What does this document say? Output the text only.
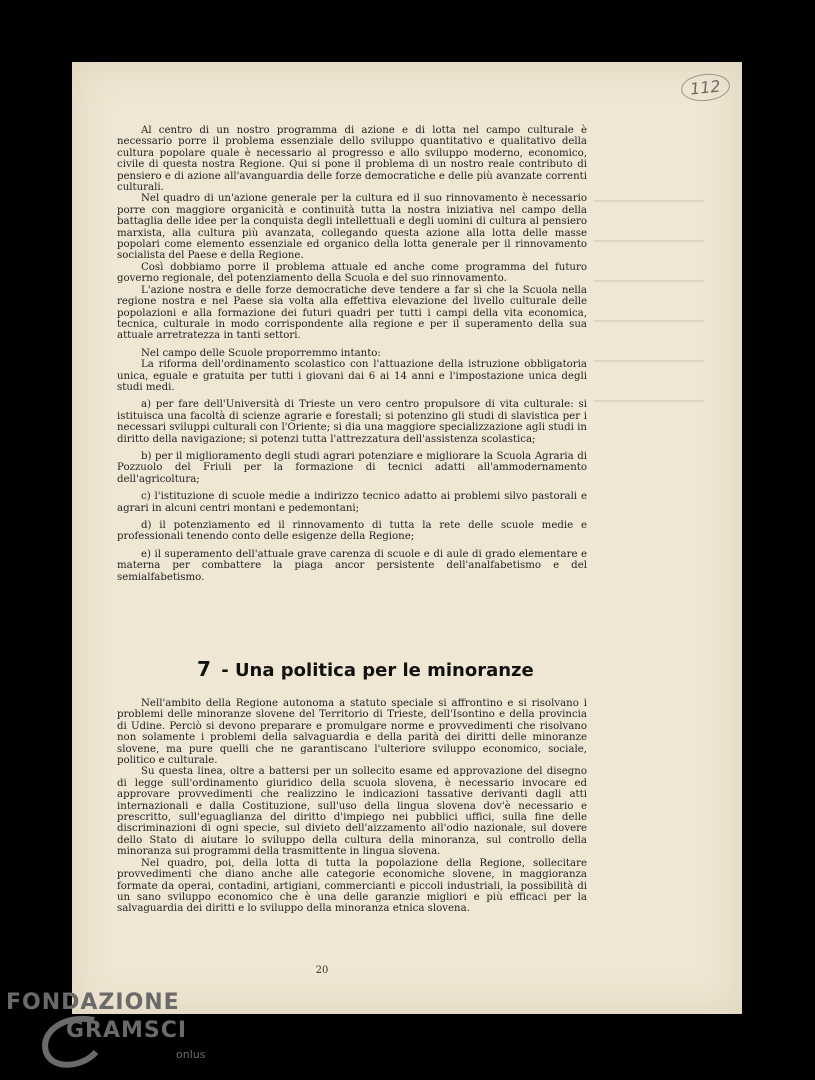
112

Al centro di un nostro programma di azione e di lotta nel campo culturale è necessario porre il problema essenziale dello sviluppo quantitativo e qualitativo della cultura popolare quale è necessario al progresso e allo sviluppo moderno, economico, civile di questa nostra Regione. Qui si pone il problema di un nostro reale contributo di pensiero e di azione all'avanguardia delle forze democratiche e delle più avanzate correnti culturali.

Nel quadro di un'azione generale per la cultura ed il suo rinnovamento è necessario porre con maggiore organicità e continuità tutta la nostra iniziativa nel campo della battaglia delle idee per la conquista degli intellettuali e degli uomini di cultura al pensiero marxista, alla cultura più avanzata, collegando questa azione alla lotta delle masse popolari come elemento essenziale ed organico della lotta generale per il rinnovamento socialista del Paese e della Regione.

Così dobbiamo porre il problema attuale ed anche come programma del futuro governo regionale, del potenziamento della Scuola e del suo rinnovamento.

L'azione nostra e delle forze democratiche deve tendere a far sì che la Scuola nella regione nostra e nel Paese sia volta alla effettiva elevazione del livello culturale delle popolazioni e alla formazione dei futuri quadri per tutti i campi della vita economica, tecnica, culturale in modo corrispondente alla regione e per il superamento della sua attuale arretratezza in tanti settori.

Nel campo delle Scuole proporremmo intanto:

La riforma dell'ordinamento scolastico con l'attuazione della istruzione obbligatoria unica, eguale e gratuita per tutti i giovani dai 6 ai 14 anni e l'impostazione unica degli studi medi.

a) per fare dell'Università di Trieste un vero centro propulsore di vita culturale: si istituisca una facoltà di scienze agrarie e forestali; si potenzino gli studi di slavistica per i necessari sviluppi culturali con l'Oriente; si dia una maggiore specializzazione agli studi in diritto della navigazione; si potenzi tutta l'attrezzatura dell'assistenza scolastica;

b) per il miglioramento degli studi agrari potenziare e migliorare la Scuola Agraria di Pozzuolo del Friuli per la formazione di tecnici adatti all'ammodernamento dell'agricoltura;

c) l'istituzione di scuole medie a indirizzo tecnico adatto ai problemi silvo pastorali e agrari in alcuni centri montani e pedemontani;

d) il potenziamento ed il rinnovamento di tutta la rete delle scuole medie e professionali tenendo conto delle esigenze della Regione;

e) il superamento dell'attuale grave carenza di scuole e di aule di grado elementare e materna per combattere la piaga ancor persistente dell'analfabetismo e del semialfabetismo.

7 - Una politica per le minoranze

Nell'ambito della Regione autonoma a statuto speciale si affrontino e si risolvano i problemi delle minoranze slovene del Territorio di Trieste, dell'Isontino e della provincia di Udine. Perciò si devono preparare e promulgare norme e provvedimenti che risolvano non solamente i problemi della salvaguardia e della parità dei diritti delle minoranze slovene, ma pure quelli che ne garantiscano l'ulteriore sviluppo economico, sociale, politico e culturale.

Su questa linea, oltre a battersi per un sollecito esame ed approvazione del disegno di legge sull'ordinamento giuridico della scuola slovena, è necessario invocare ed approvare provvedimenti che realizzino le indicazioni tassative derivanti dagli atti internazionali e dalla Costituzione, sull'uso della lingua slovena dov'è necessario e prescritto, sull'eguaglianza del diritto d'impiego nei pubblici uffici, sulla fine delle discriminazioni di ogni specie, sul divieto dell'aizzamento all'odio nazionale, sul dovere dello Stato di aiutare lo sviluppo della cultura della minoranza, sul controllo della minoranza sui programmi della trasmittente in lingua slovena.

Nel quadro, poi, della lotta di tutta la popolazione della Regione, sollecitare provvedimenti che diano anche alle categorie economiche slovene, in maggioranza formate da operai, contadini, artigiani, commercianti e piccoli industriali, la possibilità di un sano sviluppo economico che è una delle garanzie migliori e più efficaci per la salvaguardia dei diritti e lo sviluppo della minoranza etnica slovena.

20
FONDAZIONE
GRAMSCI
onlus
